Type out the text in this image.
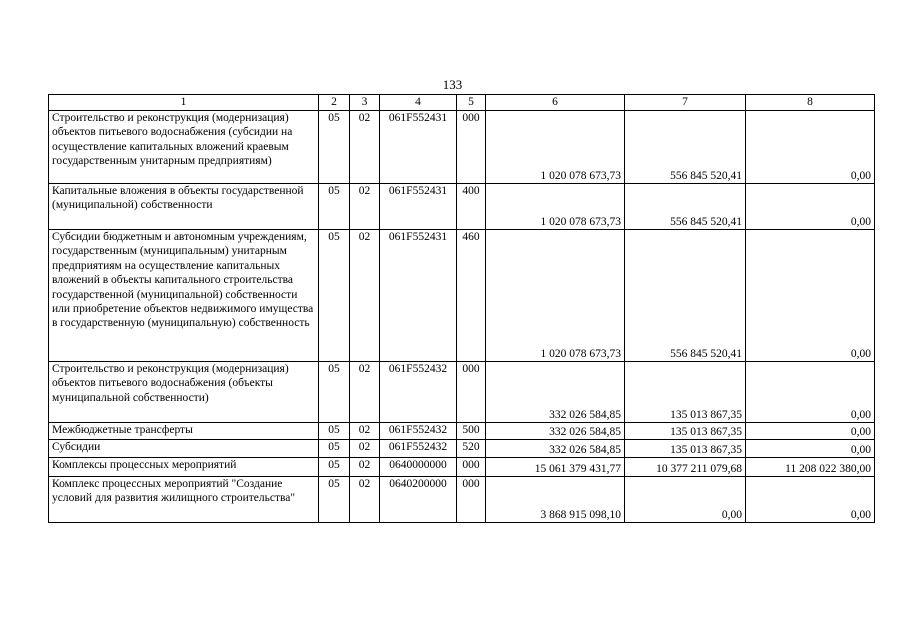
133
1	2	3	4	5	6	7	8
Строительство и реконструкция (модернизация) объектов питьевого водоснабжения (субсидии на осуществление капитальных вложений краевым государственным унитарным предприятиям)	05	02	061F552431	000	1 020 078 673,73	556 845 520,41	0,00
Капитальные вложения в объекты государственной (муниципальной) собственности	05	02	061F552431	400	1 020 078 673,73	556 845 520,41	0,00
Субсидии бюджетным и автономным учреждениям, государственным (муниципальным) унитарным предприятиям на осуществление капитальных вложений в объекты капитального строительства государственной (муниципальной) собственности или приобретение объектов недвижимого имущества в государственную (муниципальную) собственность	05	02	061F552431	460	1 020 078 673,73	556 845 520,41	0,00
Строительство и реконструкция (модернизация) объектов питьевого водоснабжения (объекты муниципальной собственности)	05	02	061F552432	000	332 026 584,85	135 013 867,35	0,00
Межбюджетные трансферты	05	02	061F552432	500	332 026 584,85	135 013 867,35	0,00
Субсидии	05	02	061F552432	520	332 026 584,85	135 013 867,35	0,00
Комплексы процессных мероприятий	05	02	0640000000	000	15 061 379 431,77	10 377 211 079,68	11 208 022 380,00
Комплекс процессных мероприятий "Создание условий для развития жилищного строительства"	05	02	0640200000	000	3 868 915 098,10	0,00	0,00
